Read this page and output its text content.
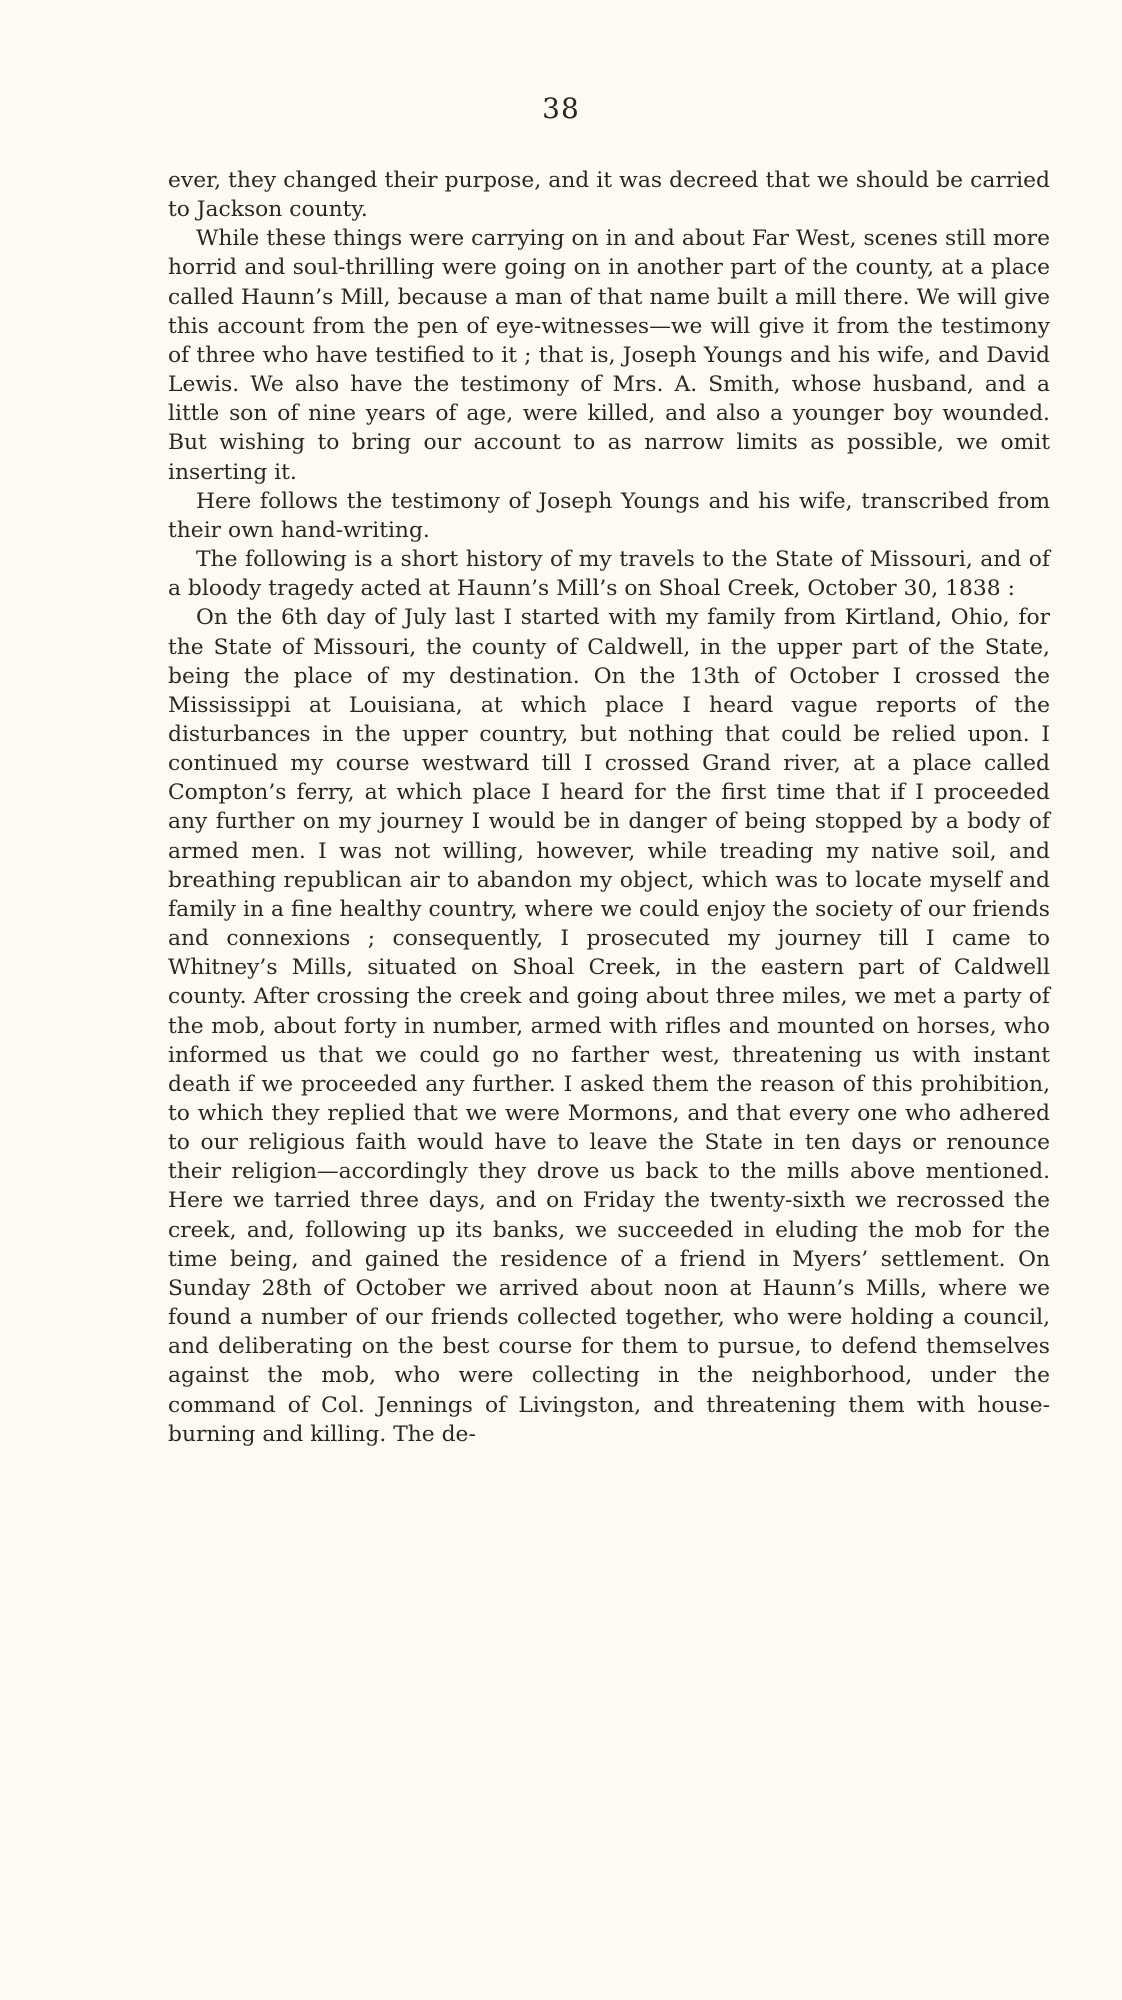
38

ever, they changed their purpose, and it was decreed that we should be carried to Jackson county.

While these things were carrying on in and about Far West, scenes still more horrid and soul-thrilling were going on in another part of the county, at a place called Haunn’s Mill, because a man of that name built a mill there. We will give this account from the pen of eye-witnesses—we will give it from the testimony of three who have testified to it ; that is, Joseph Youngs and his wife, and David Lewis. We also have the testimony of Mrs. A. Smith, whose husband, and a little son of nine years of age, were killed, and also a younger boy wounded. But wishing to bring our account to as narrow limits as possible, we omit inserting it.

Here follows the testimony of Joseph Youngs and his wife, transcribed from their own hand-writing.

The following is a short history of my travels to the State of Missouri, and of a bloody tragedy acted at Haunn’s Mill’s on Shoal Creek, October 30, 1838 :

On the 6th day of July last I started with my family from Kirtland, Ohio, for the State of Missouri, the county of Caldwell, in the upper part of the State, being the place of my destination. On the 13th of October I crossed the Mississippi at Louisiana, at which place I heard vague reports of the disturbances in the upper country, but nothing that could be relied upon. I continued my course westward till I crossed Grand river, at a place called Compton’s ferry, at which place I heard for the first time that if I proceeded any further on my journey I would be in danger of being stopped by a body of armed men. I was not willing, however, while treading my native soil, and breathing republican air to abandon my object, which was to locate myself and family in a fine healthy country, where we could enjoy the society of our friends and connexions ; consequently, I prosecuted my journey till I came to Whitney’s Mills, situated on Shoal Creek, in the eastern part of Caldwell county. After crossing the creek and going about three miles, we met a party of the mob, about forty in number, armed with rifles and mounted on horses, who informed us that we could go no farther west, threatening us with instant death if we proceeded any further. I asked them the reason of this prohibition, to which they replied that we were Mormons, and that every one who adhered to our religious faith would have to leave the State in ten days or renounce their religion—accordingly they drove us back to the mills above mentioned. Here we tarried three days, and on Friday the twenty-sixth we recrossed the creek, and, following up its banks, we succeeded in eluding the mob for the time being, and gained the residence of a friend in Myers’ settlement. On Sunday 28th of October we arrived about noon at Haunn’s Mills, where we found a number of our friends collected together, who were holding a council, and deliberating on the best course for them to pursue, to defend themselves against the mob, who were collecting in the neighborhood, under the command of Col. Jennings of Livingston, and threatening them with house-burning and killing. The de-
